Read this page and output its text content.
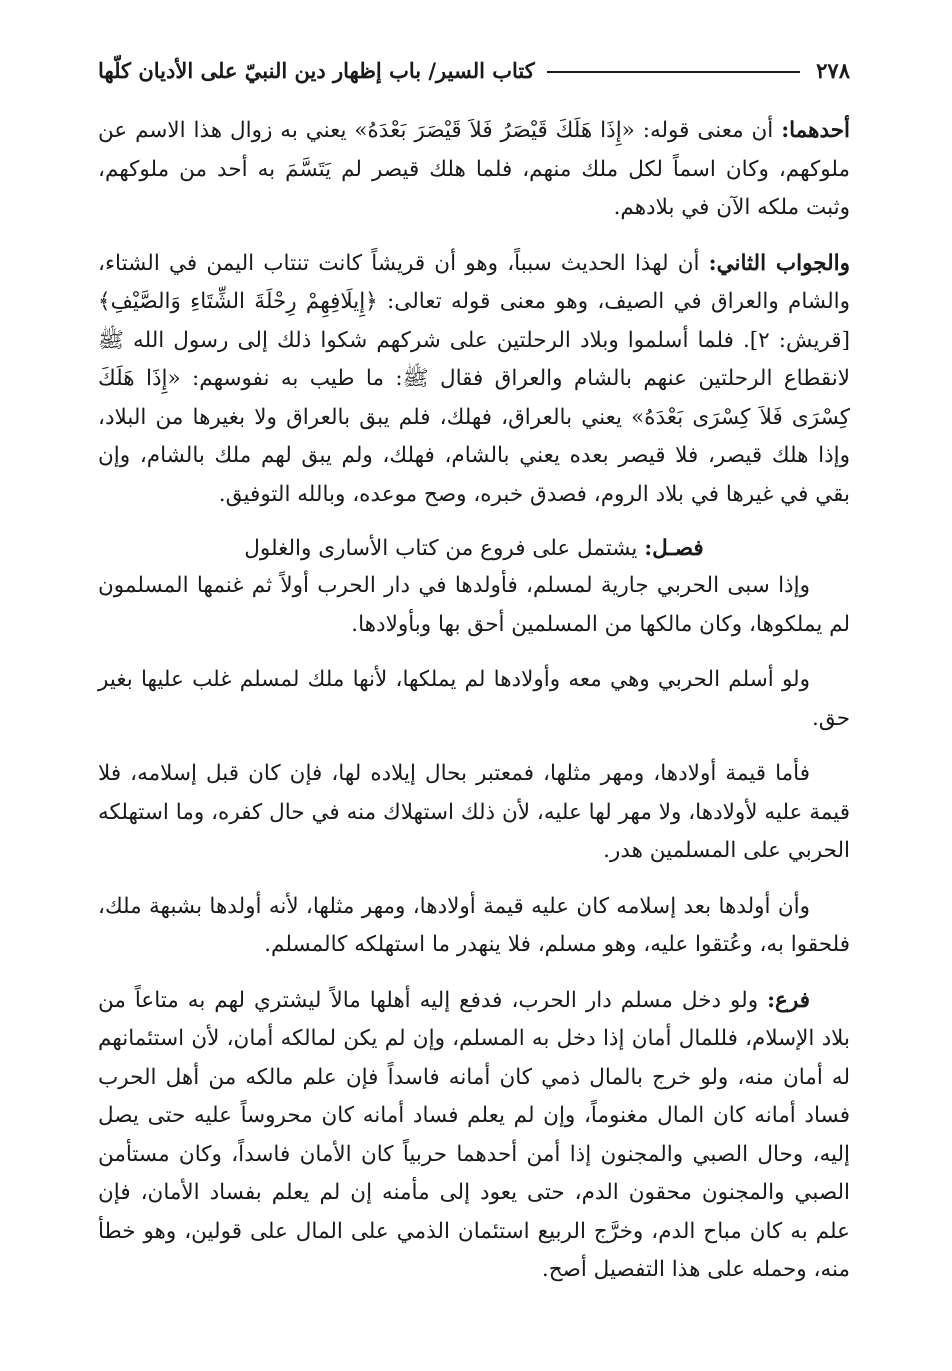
٢٧٨
كتاب السير/ باب إظهار دين النبيّ على الأديان كلّها

أحدهما: أن معنى قوله: «إِذَا هَلَكَ قَيْصَرُ فَلاَ قَيْصَرَ بَعْدَهُ» يعني به زوال هذا الاسم عن ملوكهم، وكان اسماً لكل ملك منهم، فلما هلك قيصر لم يَتَسَّمَ به أحد من ملوكهم، وثبت ملكه الآن في بلادهم.

والجواب الثاني: أن لهذا الحديث سبباً، وهو أن قريشاً كانت تنتاب اليمن في الشتاء، والشام والعراق في الصيف، وهو معنى قوله تعالى: ﴿إِيلَافِهِمْ رِحْلَةَ الشِّتَاءِ وَالصَّيْفِ﴾ [قريش: ٢]. فلما أسلموا وبلاد الرحلتين على شركهم شكوا ذلك إلى رسول الله ﷺ لانقطاع الرحلتين عنهم بالشام والعراق فقال ﷺ: ما طيب به نفوسهم: «إِذَا هَلَكَ كِسْرَى فَلاَ كِسْرَى بَعْدَهُ» يعني بالعراق، فهلك، فلم يبق بالعراق ولا بغيرها من البلاد، وإذا هلك قيصر، فلا قيصر بعده يعني بالشام، فهلك، ولم يبق لهم ملك بالشام، وإن بقي في غيرها في بلاد الروم، فصدق خبره، وصح موعده، وبالله التوفيق.

فصـل: يشتمل على فروع من كتاب الأسارى والغلول

وإذا سبى الحربي جارية لمسلم، فأولدها في دار الحرب أولاً ثم غنمها المسلمون لم يملكوها، وكان مالكها من المسلمين أحق بها وبأولادها.

ولو أسلم الحربي وهي معه وأولادها لم يملكها، لأنها ملك لمسلم غلب عليها بغير حق.

فأما قيمة أولادها، ومهر مثلها، فمعتبر بحال إيلاده لها، فإن كان قبل إسلامه، فلا قيمة عليه لأولادها، ولا مهر لها عليه، لأن ذلك استهلاك منه في حال كفره، وما استهلكه الحربي على المسلمين هدر.

وأن أولدها بعد إسلامه كان عليه قيمة أولادها، ومهر مثلها، لأنه أولدها بشبهة ملك، فلحقوا به، وعُتقوا عليه، وهو مسلم، فلا ينهدر ما استهلكه كالمسلم.

فرع: ولو دخل مسلم دار الحرب، فدفع إليه أهلها مالاً ليشتري لهم به متاعاً من بلاد الإسلام، فللمال أمان إذا دخل به المسلم، وإن لم يكن لمالكه أمان، لأن استئمانهم له أمان منه، ولو خرج بالمال ذمي كان أمانه فاسداً فإن علم مالكه من أهل الحرب فساد أمانه كان المال مغنوماً، وإن لم يعلم فساد أمانه كان محروساً عليه حتى يصل إليه، وحال الصبي والمجنون إذا أمن أحدهما حربياً كان الأمان فاسداً، وكان مستأمن الصبي والمجنون محقون الدم، حتى يعود إلى مأمنه إن لم يعلم بفساد الأمان، فإن علم به كان مباح الدم، وخرَّج الربيع استئمان الذمي على المال على قولين، وهو خطأ منه، وحمله على هذا التفصيل أصح.
